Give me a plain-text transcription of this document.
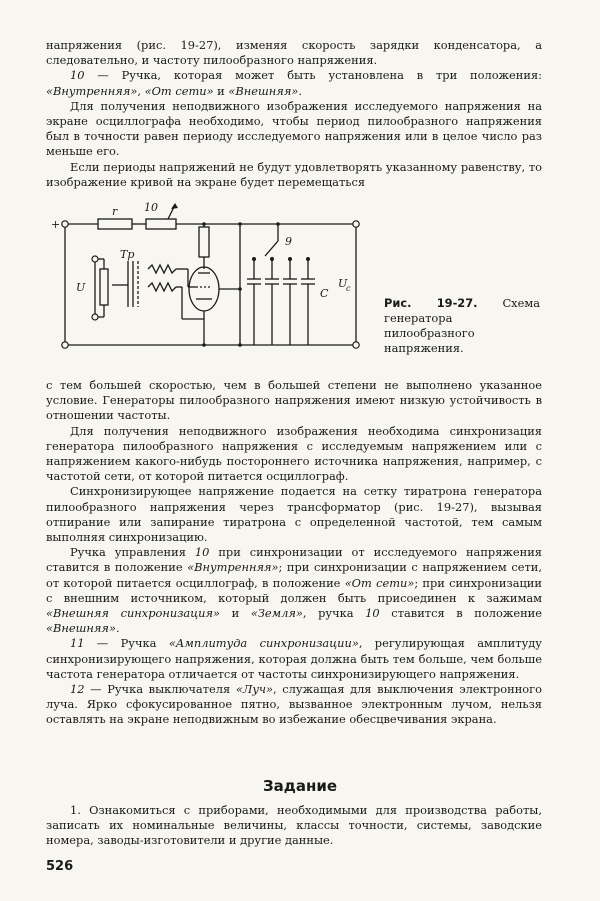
напряжения (рис. 19-27), изменяя скорость зарядки конденсатора, а следовательно, и частоту пилообразного напряжения.

10 — Ручка, которая может быть установлена в три положения: «Внутренняя», «От сети» и «Внешняя».

Для получения неподвижного изображения исследуемого напряжения на экране осциллографа необходимо, чтобы период пилообразного напряжения был в точности равен периоду исследуемого напряжения или в целое число раз меньше его.

Если периоды напряжений не будут удовлетворять указанному равенству, то изображение кривой на экране будет перемещаться

+
r 10
9
U
Тр
C
U
c
Рис. 19-27. Схема генератора пилообразного напряжения.

с тем большей скоростью, чем в большей степени не выполнено указанное условие. Генераторы пилообразного напряжения имеют низкую устойчивость в отношении частоты.

Для получения неподвижного изображения необходима синхронизация генератора пилообразного напряжения с исследуемым напряжением или с напряжением какого-нибудь постороннего источника напряжения, например, с частотой сети, от которой питается осциллограф.

Синхронизирующее напряжение подается на сетку тиратрона генератора пилообразного напряжения через трансформатор (рис. 19-27), вызывая отпирание или запирание тиратрона с определенной частотой, тем самым выполняя синхронизацию.

Ручка управления 10 при синхронизации от исследуемого напряжения ставится в положение «Внутренняя»; при синхронизации с напряжением сети, от которой питается осциллограф, в положение «От сети»; при синхронизации с внешним источником, который должен быть присоединен к зажимам «Внешняя синхронизация» и «Земля», ручка 10 ставится в положение «Внешняя».

11 — Ручка «Амплитуда синхронизации», регулирующая амплитуду синхронизирующего напряжения, которая должна быть тем больше, чем больше частота генератора отличается от частоты синхронизирующего напряжения.

12 — Ручка выключателя «Луч», служащая для выключения электронного луча. Ярко сфокусированное пятно, вызванное электронным лучом, нельзя оставлять на экране неподвижным во избежание обесцвечивания экрана.

Задание

1. Ознакомиться с приборами, необходимыми для производства работы, записать их номинальные величины, классы точности, системы, заводские номера, заводы-изготовители и другие данные.

526
